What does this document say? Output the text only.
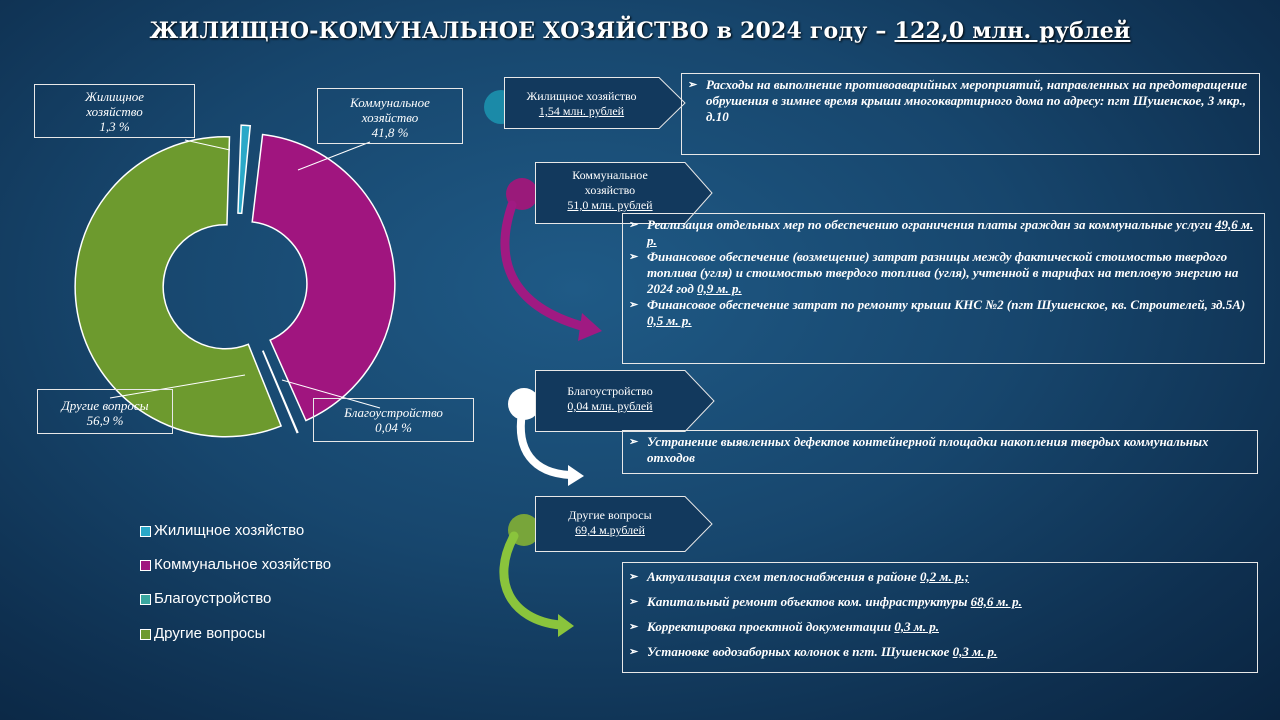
ЖИЛИЩНО-КОМУНАЛЬНОЕ ХОЗЯЙСТВО в 2024 году – 122,0 млн. рублей
Жилищное хозяйство
1,3 %
Коммунальное хозяйство
41,8 %
Другие вопросы
56,9 %
Благоустройство
0,04 %
Жилищное хозяйство
Коммунальное хозяйство
Благоустройство
Другие вопросы
Жилищное хозяйство
1,54 млн. рублей
Коммунальное хозяйство
51,0 млн. рублей
Благоустройство
0,04 млн. рублей
Другие вопросы
69,4 м.рублей
➢ Расходы на выполнение противоаварийных мероприятий, направленных на предотвращение обрушения в зимнее время крыши многоквартирного дома по адресу: пгт Шушенское, 3 мкр., д.10
➢ Реализация отдельных мер по обеспечению ограничения платы граждан за коммунальные услуги 49,6 м. р.
➢ Финансовое обеспечение (возмещение) затрат разницы между фактической стоимостью твердого топлива (угля) и стоимостью твердого топлива (угля), учтенной в тарифах на тепловую энергию на 2024 год 0,9 м. р.
➢ Финансовое обеспечение затрат по ремонту крыши КНС №2 (пгт Шушенское, кв. Строителей, зд.5А) 0,5 м. р.
➢ Устранение выявленных дефектов контейнерной площадки накопления твердых коммунальных отходов
➢ Актуализация схем теплоснабжения в районе 0,2 м. р.;
➢ Капитальный ремонт объектов ком. инфраструктуры 68,6 м. р.
➢ Корректировка проектной документации 0,3 м. р.
➢ Установке водозаборных колонок в пгт. Шушенское 0,3 м. р.
